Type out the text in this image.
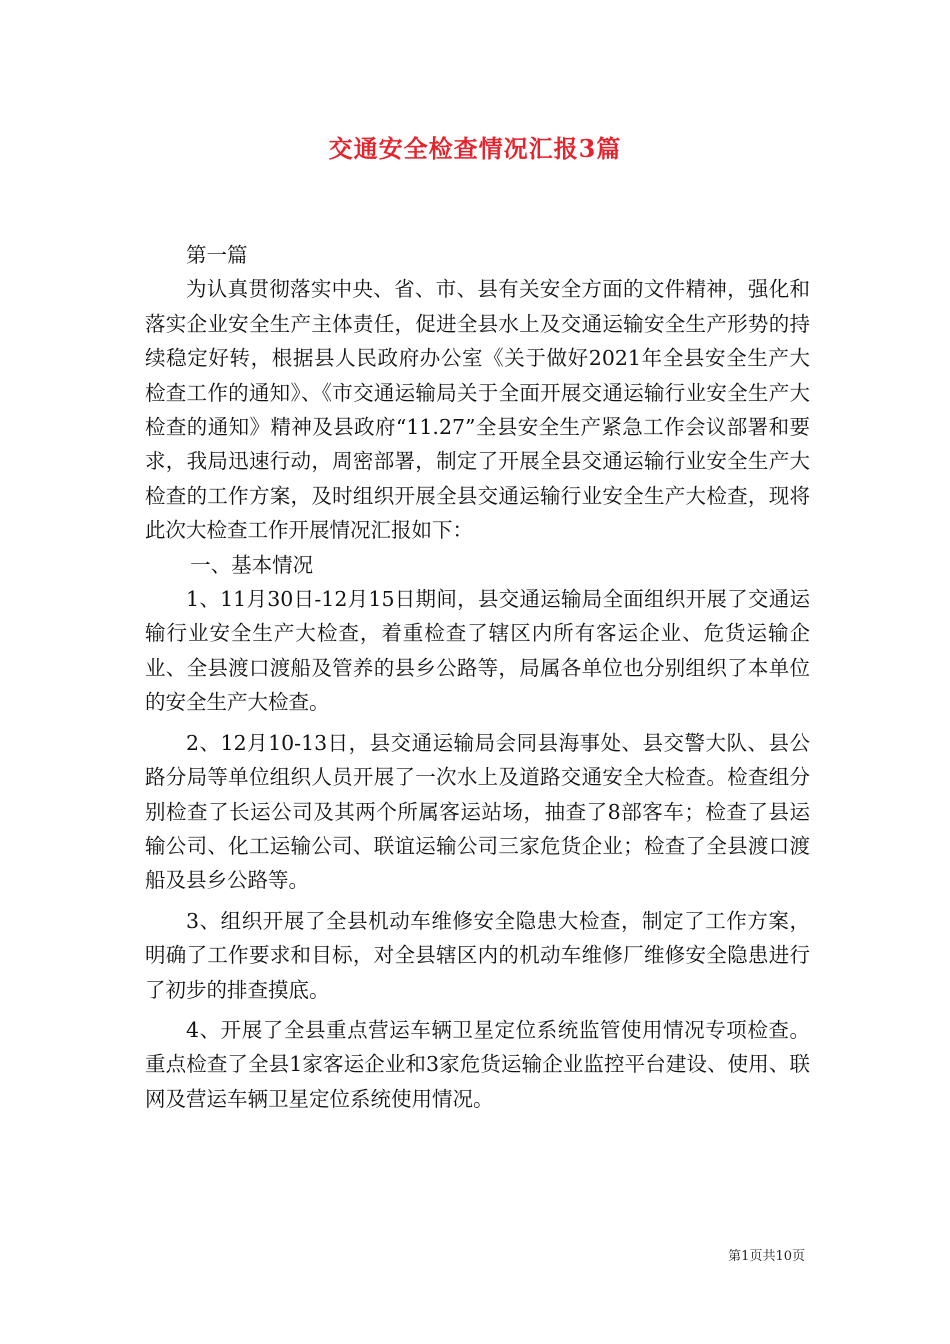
交通安全检查情况汇报3篇

第一篇

为认真贯彻落实中央、省、市、县有关安全方面的文件精神，强化和落实企业安全生产主体责任，促进全县水上及交通运输安全生产形势的持续稳定好转，根据县人民政府办公室《关于做好2021年全县安全生产大检查工作的通知》、《市交通运输局关于全面开展交通运输行业安全生产大检查的通知》精神及县政府“11.27”全县安全生产紧急工作会议部署和要求，我局迅速行动，周密部署，制定了开展全县交通运输行业安全生产大检查的工作方案，及时组织开展全县交通运输行业安全生产大检查，现将此次大检查工作开展情况汇报如下：

一、基本情况

1、11月30日-12月15日期间，县交通运输局全面组织开展了交通运输行业安全生产大检查，着重检查了辖区内所有客运企业、危货运输企业、全县渡口渡船及管养的县乡公路等，局属各单位也分别组织了本单位的安全生产大检查。

2、12月10-13日，县交通运输局会同县海事处、县交警大队、县公路分局等单位组织人员开展了一次水上及道路交通安全大检查。检查组分别检查了长运公司及其两个所属客运站场，抽查了8部客车；检查了县运输公司、化工运输公司、联谊运输公司三家危货企业；检查了全县渡口渡船及县乡公路等。

3、组织开展了全县机动车维修安全隐患大检查，制定了工作方案，明确了工作要求和目标，对全县辖区内的机动车维修厂维修安全隐患进行了初步的排查摸底。

4、开展了全县重点营运车辆卫星定位系统监管使用情况专项检查。重点检查了全县1家客运企业和3家危货运输企业监控平台建设、使用、联网及营运车辆卫星定位系统使用情况。

第1页共10页
